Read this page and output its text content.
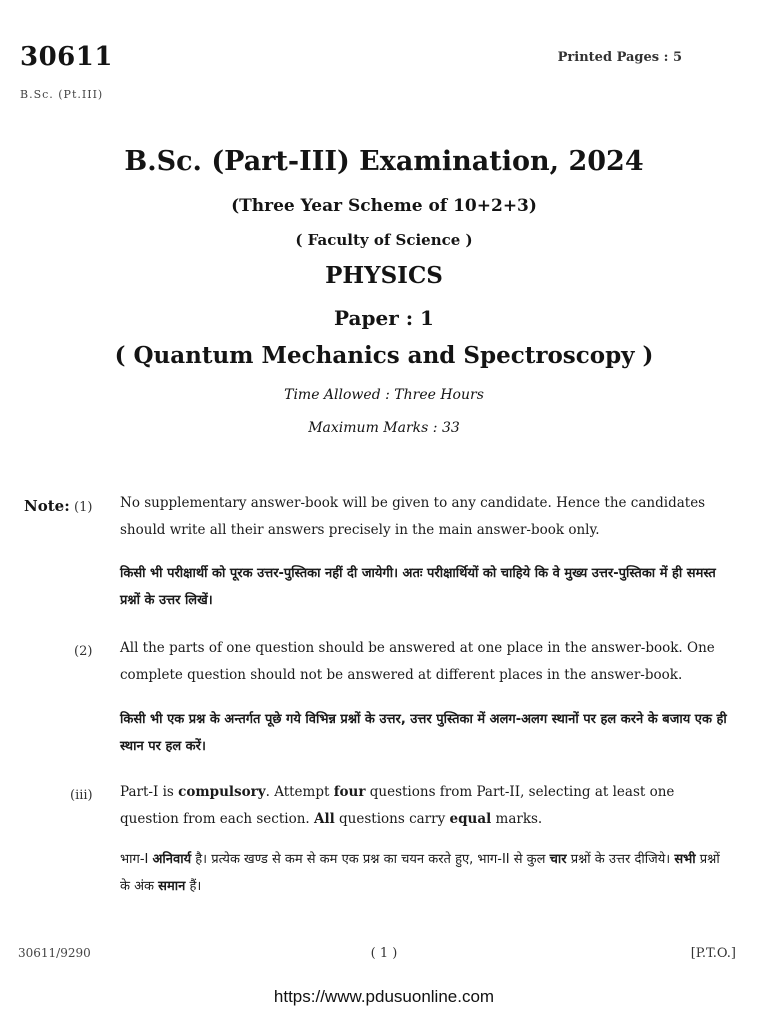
30611
B.Sc. (Pt.III)
Printed Pages : 5
B.Sc. (Part-III) Examination, 2024
(Three Year Scheme of 10+2+3)
( Faculty of Science )
PHYSICS
Paper : 1
( Quantum Mechanics and Spectroscopy )
Time Allowed : Three Hours
Maximum Marks : 33
Note: (1) No supplementary answer-book will be given to any candidate. Hence the candidates should write all their answers precisely in the main answer-book only.
किसी भी परीक्षार्थी को पूरक उत्तर-पुस्तिका नहीं दी जायेगी। अतः परीक्षार्थियों को चाहिये कि वे मुख्य उत्तर-पुस्तिका में ही समस्त प्रश्नों के उत्तर लिखें।
(2) All the parts of one question should be answered at one place in the answer-book. One complete question should not be answered at different places in the answer-book.
किसी भी एक प्रश्न के अन्तर्गत पूछे गये विभिन्न प्रश्नों के उत्तर, उत्तर पुस्तिका में अलग-अलग स्थानों पर हल करने के बजाय एक ही स्थान पर हल करें।
(iii) Part-I is compulsory. Attempt four questions from Part-II, selecting at least one question from each section. All questions carry equal marks.
भाग-I अनिवार्य है। प्रत्येक खण्ड से कम से कम एक प्रश्न का चयन करते हुए, भाग-II से कुल चार प्रश्नों के उत्तर दीजिये। सभी प्रश्नों के अंक समान हैं।
30611/9290	( 1 )	[P.T.O.]
https://www.pdusuonline.com
